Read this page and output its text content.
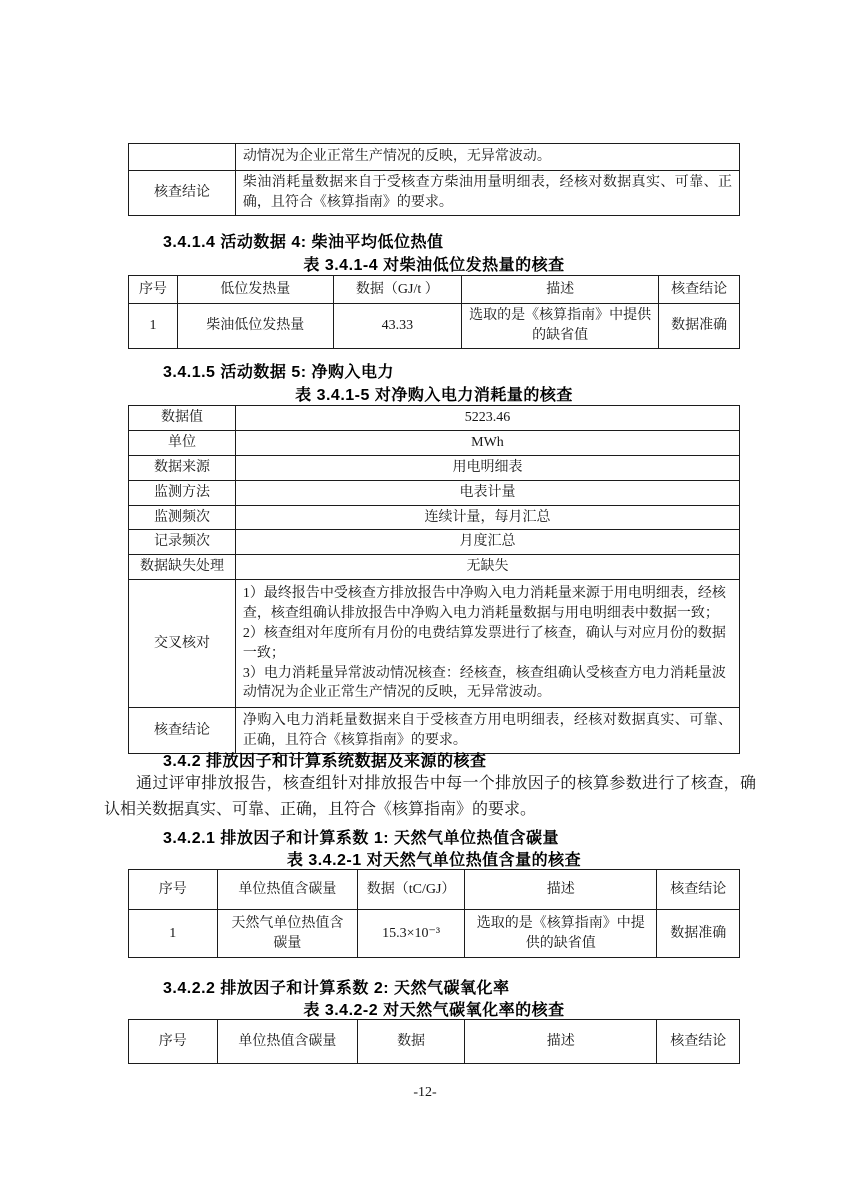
	动情况为企业正常生产情况的反映，无异常波动。
核查结论	柴油消耗量数据来自于受核查方柴油用量明细表，经核对数据真实、可靠、正确，且符合《核算指南》的要求。
3.4.1.4 活动数据 4: 柴油平均低位热值
表 3.4.1-4 对柴油低位发热量的核查
序号	低位发热量	数据（GJ/t ）	描述	核查结论
1	柴油低位发热量	43.33	选取的是《核算指南》中提供的缺省值	数据准确
3.4.1.5 活动数据 5: 净购入电力
表 3.4.1-5 对净购入电力消耗量的核查
数据值	5223.46
单位	MWh
数据来源	用电明细表
监测方法	电表计量
监测频次	连续计量，每月汇总
记录频次	月度汇总
数据缺失处理	无缺失
交叉核对	1）最终报告中受核查方排放报告中净购入电力消耗量来源于用电明细表，经核查，核查组确认排放报告中净购入电力消耗量数据与用电明细表中数据一致；

2）核查组对年度所有月份的电费结算发票进行了核查，确认与对应月份的数据一致；

3）电力消耗量异常波动情况核查：经核查，核查组确认受核查方电力消耗量波动情况为企业正常生产情况的反映，无异常波动。

核查结论	净购入电力消耗量数据来自于受核查方用电明细表，经核对数据真实、可靠、正确，且符合《核算指南》的要求。
3.4.2 排放因子和计算系统数据及来源的核查
通过评审排放报告，核查组针对排放报告中每一个排放因子的核算参数进行了核查，确认相关数据真实、可靠、正确，且符合《核算指南》的要求。
3.4.2.1 排放因子和计算系数 1: 天然气单位热值含碳量
表 3.4.2-1 对天然气单位热值含量的核查
序号	单位热值含碳量	数据（tC/GJ）	描述	核查结论
1	天然气单位热值含碳量	15.3×10⁻³	选取的是《核算指南》中提供的缺省值	数据准确
3.4.2.2 排放因子和计算系数 2: 天然气碳氧化率
表 3.4.2-2 对天然气碳氧化率的核查
序号	单位热值含碳量	数据	描述	核查结论
-12-
